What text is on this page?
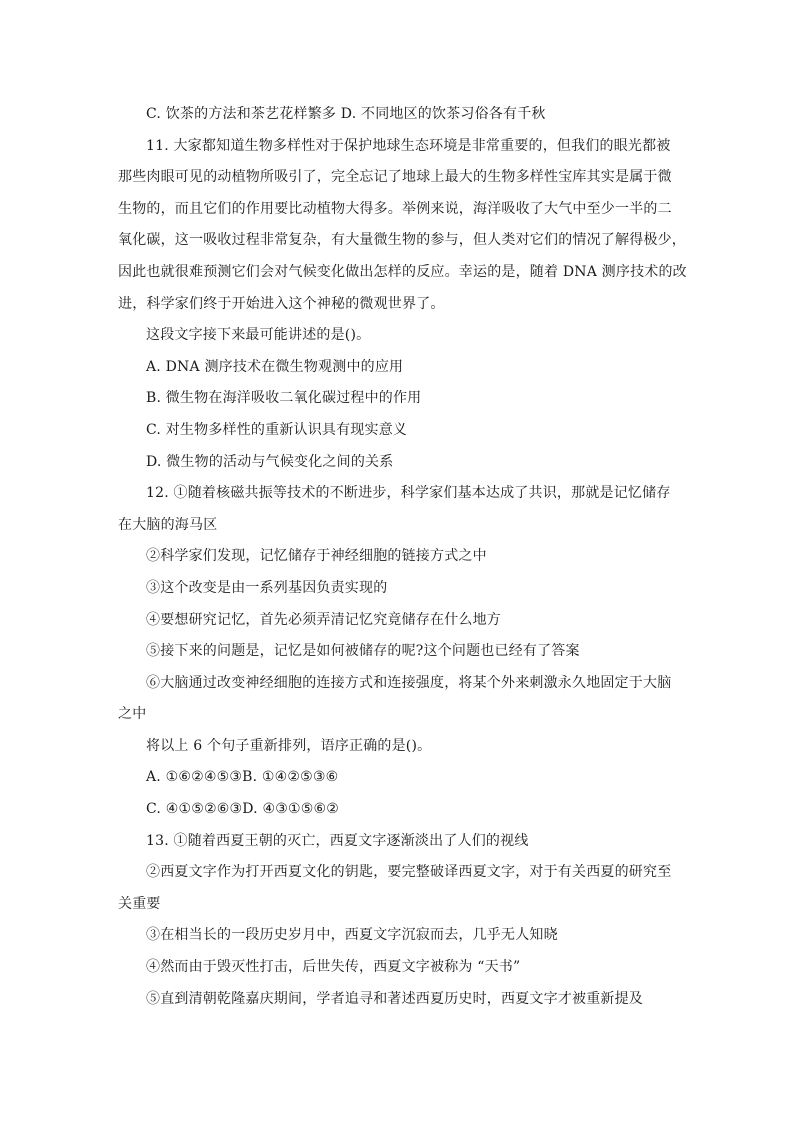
C. 饮茶的方法和茶艺花样繁多 D. 不同地区的饮茶习俗各有千秋
11. 大家都知道生物多样性对于保护地球生态环境是非常重要的，但我们的眼光都被
那些肉眼可见的动植物所吸引了，完全忘记了地球上最大的生物多样性宝库其实是属于微
生物的，而且它们的作用要比动植物大得多。举例来说，海洋吸收了大气中至少一半的二
氧化碳，这一吸收过程非常复杂，有大量微生物的参与，但人类对它们的情况了解得极少，
因此也就很难预测它们会对气候变化做出怎样的反应。幸运的是，随着 DNA 测序技术的改
进，科学家们终于开始进入这个神秘的微观世界了。
这段文字接下来最可能讲述的是()。
A. DNA 测序技术在微生物观测中的应用
B. 微生物在海洋吸收二氧化碳过程中的作用
C. 对生物多样性的重新认识具有现实意义
D. 微生物的活动与气候变化之间的关系
12. ①随着核磁共振等技术的不断进步，科学家们基本达成了共识，那就是记忆储存
在大脑的海马区
②科学家们发现，记忆储存于神经细胞的链接方式之中
③这个改变是由一系列基因负责实现的
④要想研究记忆，首先必须弄清记忆究竟储存在什么地方
⑤接下来的问题是，记忆是如何被储存的呢?这个问题也已经有了答案
⑥大脑通过改变神经细胞的连接方式和连接强度，将某个外来刺激永久地固定于大脑
之中
将以上 6 个句子重新排列，语序正确的是()。
A. ①⑥②④⑤③B. ①④②⑤③⑥
C. ④①⑤②⑥③D. ④③①⑤⑥②
13. ①随着西夏王朝的灭亡，西夏文字逐渐淡出了人们的视线
②西夏文字作为打开西夏文化的钥匙，要完整破译西夏文字，对于有关西夏的研究至
关重要
③在相当长的一段历史岁月中，西夏文字沉寂而去，几乎无人知晓
④然而由于毁灭性打击，后世失传，西夏文字被称为 “天书”
⑤直到清朝乾隆嘉庆期间，学者追寻和著述西夏历史时，西夏文字才被重新提及
